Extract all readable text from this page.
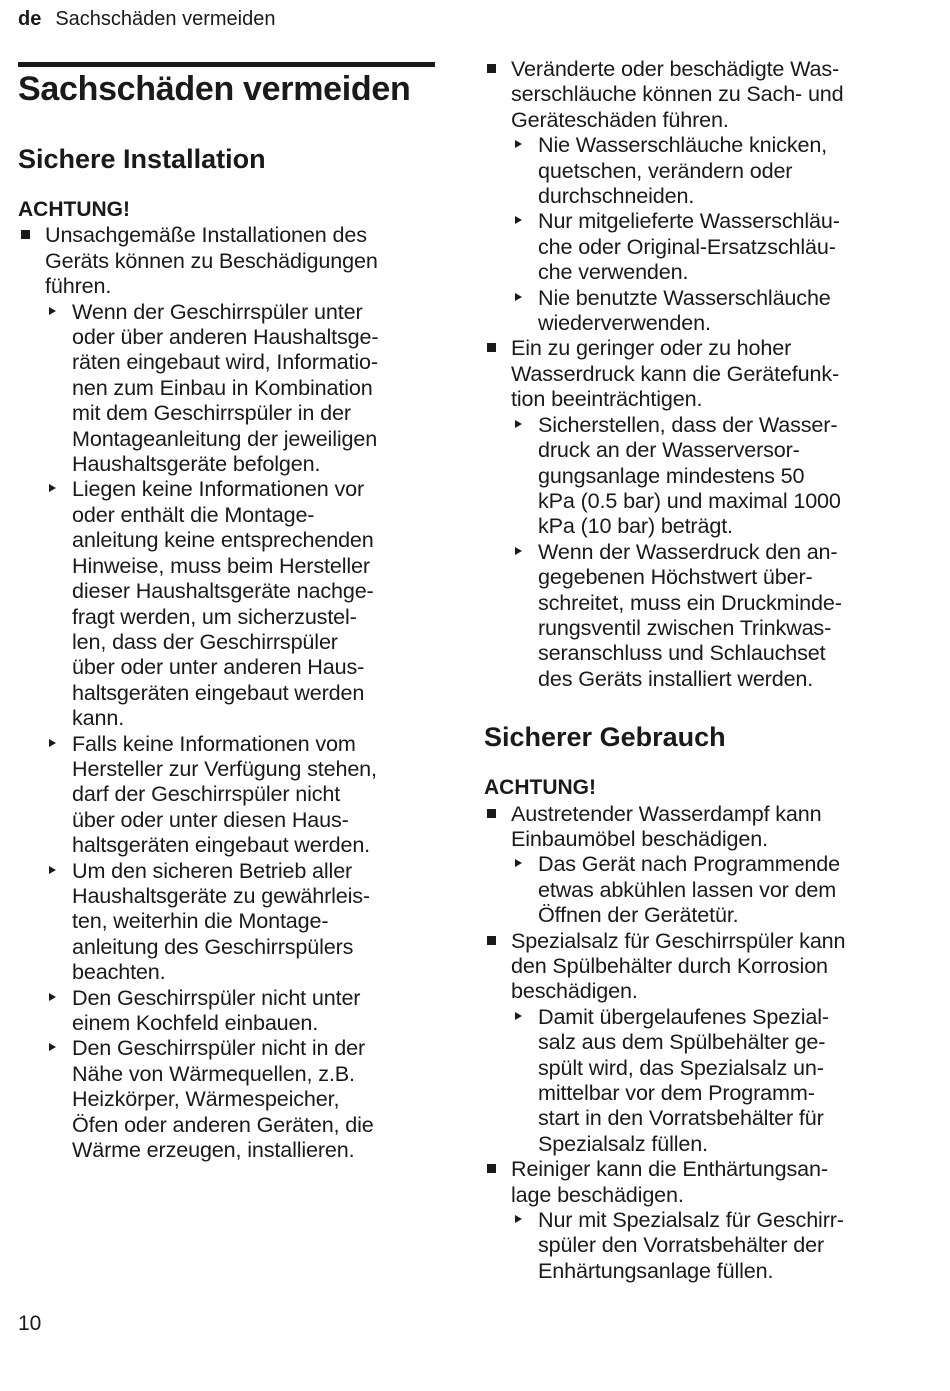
de Sachschäden vermeiden
Sachschäden vermeiden
Sichere Installation
ACHTUNG!
Unsachgemäße Installationen des
Geräts können zu Beschädigungen
führen.
Wenn der Geschirrspüler unter
oder über anderen Haushaltsge-
räten eingebaut wird, Informatio-
nen zum Einbau in Kombination
mit dem Geschirrspüler in der
Montageanleitung der jeweiligen
Haushaltsgeräte befolgen.
Liegen keine Informationen vor
oder enthält die Montage-
anleitung keine entsprechenden
Hinweise, muss beim Hersteller
dieser Haushaltsgeräte nachge-
fragt werden, um sicherzustel-
len, dass der Geschirrspüler
über oder unter anderen Haus-
haltsgeräten eingebaut werden
kann.
Falls keine Informationen vom
Hersteller zur Verfügung stehen,
darf der Geschirrspüler nicht
über oder unter diesen Haus-
haltsgeräten eingebaut werden.
Um den sicheren Betrieb aller
Haushaltsgeräte zu gewährleis-
ten, weiterhin die Montage-
anleitung des Geschirrspülers
beachten.
Den Geschirrspüler nicht unter
einem Kochfeld einbauen.
Den Geschirrspüler nicht in der
Nähe von Wärmequellen, z.B.
Heizkörper, Wärmespeicher,
Öfen oder anderen Geräten, die
Wärme erzeugen, installieren.
Veränderte oder beschädigte Was-
serschläuche können zu Sach- und
Geräteschäden führen.
Nie Wasserschläuche knicken,
quetschen, verändern oder
durchschneiden.
Nur mitgelieferte Wasserschläu-
che oder Original-Ersatzschläu-
che verwenden.
Nie benutzte Wasserschläuche
wiederverwenden.
Ein zu geringer oder zu hoher
Wasserdruck kann die Gerätefunk-
tion beeinträchtigen.
Sicherstellen, dass der Wasser-
druck an der Wasserversor-
gungsanlage mindestens 50
kPa (0.5 bar) und maximal 1000
kPa (10 bar) beträgt.
Wenn der Wasserdruck den an-
gegebenen Höchstwert über-
schreitet, muss ein Druckminde-
rungsventil zwischen Trinkwas-
seranschluss und Schlauchset
des Geräts installiert werden.
Sicherer Gebrauch
ACHTUNG!
Austretender Wasserdampf kann
Einbaumöbel beschädigen.
Das Gerät nach Programmende
etwas abkühlen lassen vor dem
Öffnen der Gerätetür.
Spezialsalz für Geschirrspüler kann
den Spülbehälter durch Korrosion
beschädigen.
Damit übergelaufenes Spezial-
salz aus dem Spülbehälter ge-
spült wird, das Spezialsalz un-
mittelbar vor dem Programm-
start in den Vorratsbehälter für
Spezialsalz füllen.
Reiniger kann die Enthärtungsan-
lage beschädigen.
Nur mit Spezialsalz für Geschirr-
spüler den Vorratsbehälter der
Enhärtungsanlage füllen.
10
